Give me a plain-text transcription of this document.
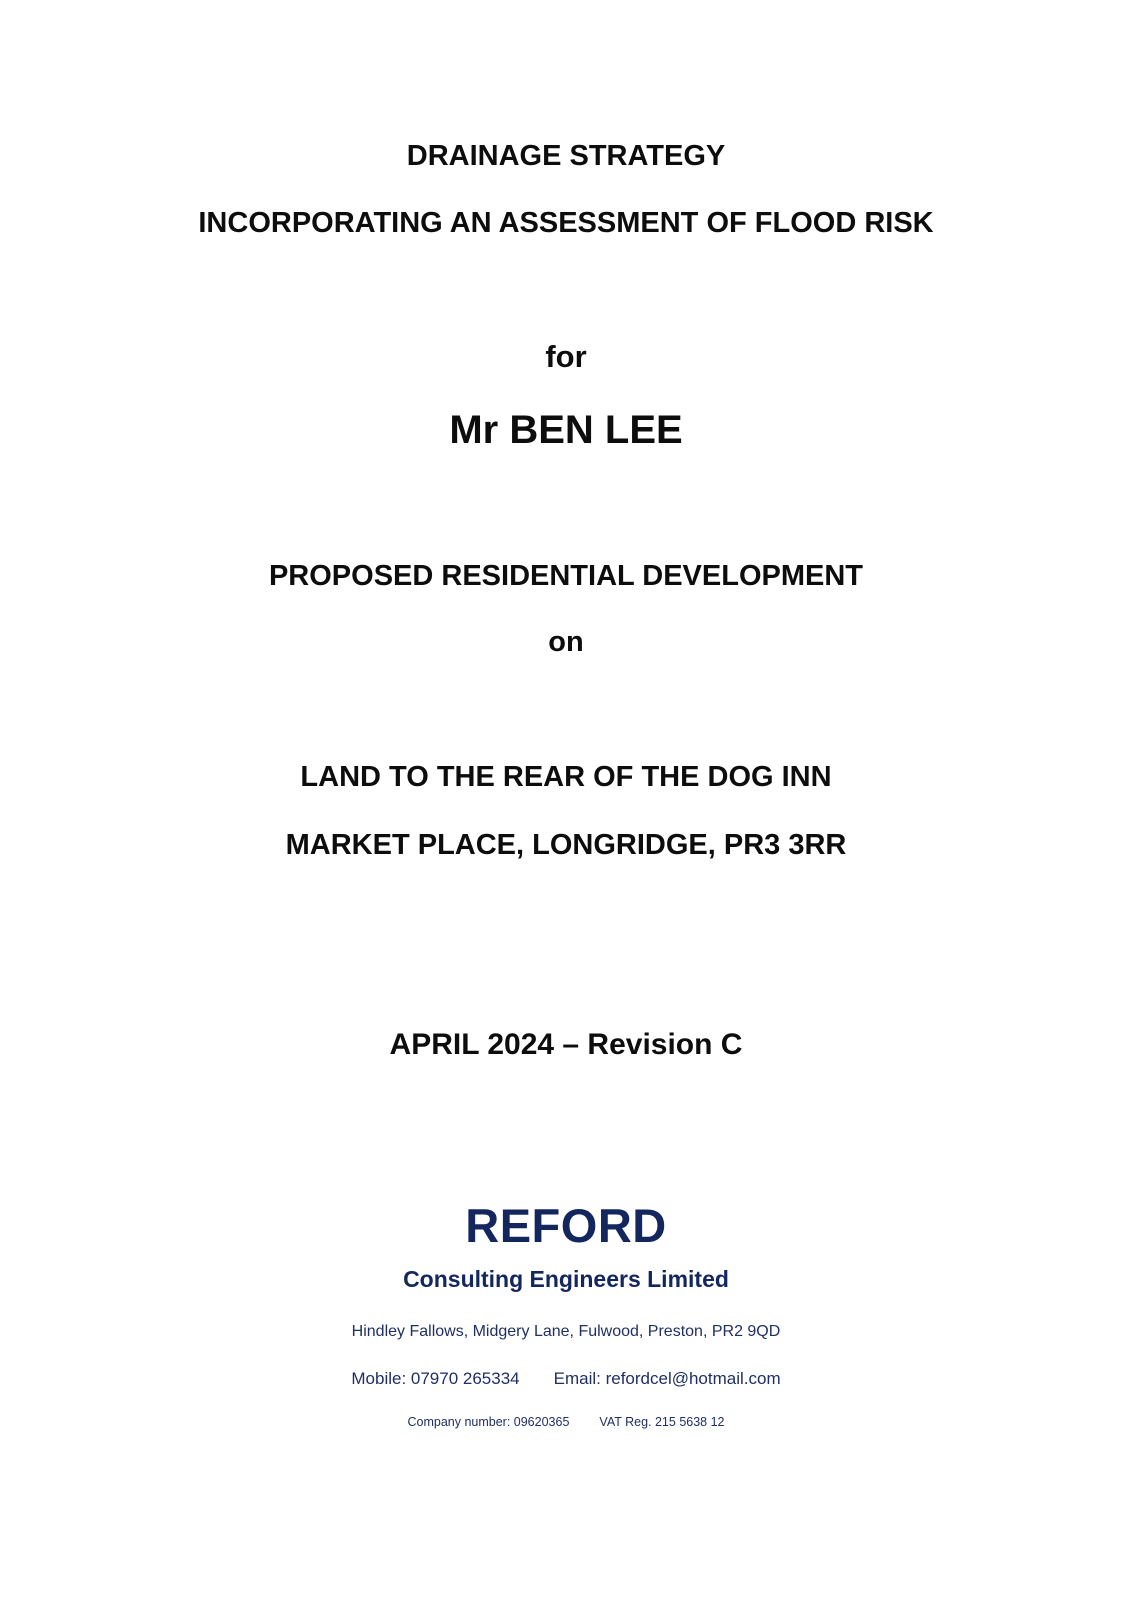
DRAINAGE STRATEGY
INCORPORATING AN ASSESSMENT OF FLOOD RISK
for
Mr BEN LEE
PROPOSED RESIDENTIAL DEVELOPMENT
on
LAND TO THE REAR OF THE DOG INN
MARKET PLACE, LONGRIDGE, PR3 3RR
APRIL 2024 – Revision C
REFORD
Consulting Engineers Limited
Hindley Fallows, Midgery Lane, Fulwood, Preston, PR2 9QD
Mobile: 07970 265334 Email: refordcel@hotmail.com
Company number: 09620365 VAT Reg. 215 5638 12
